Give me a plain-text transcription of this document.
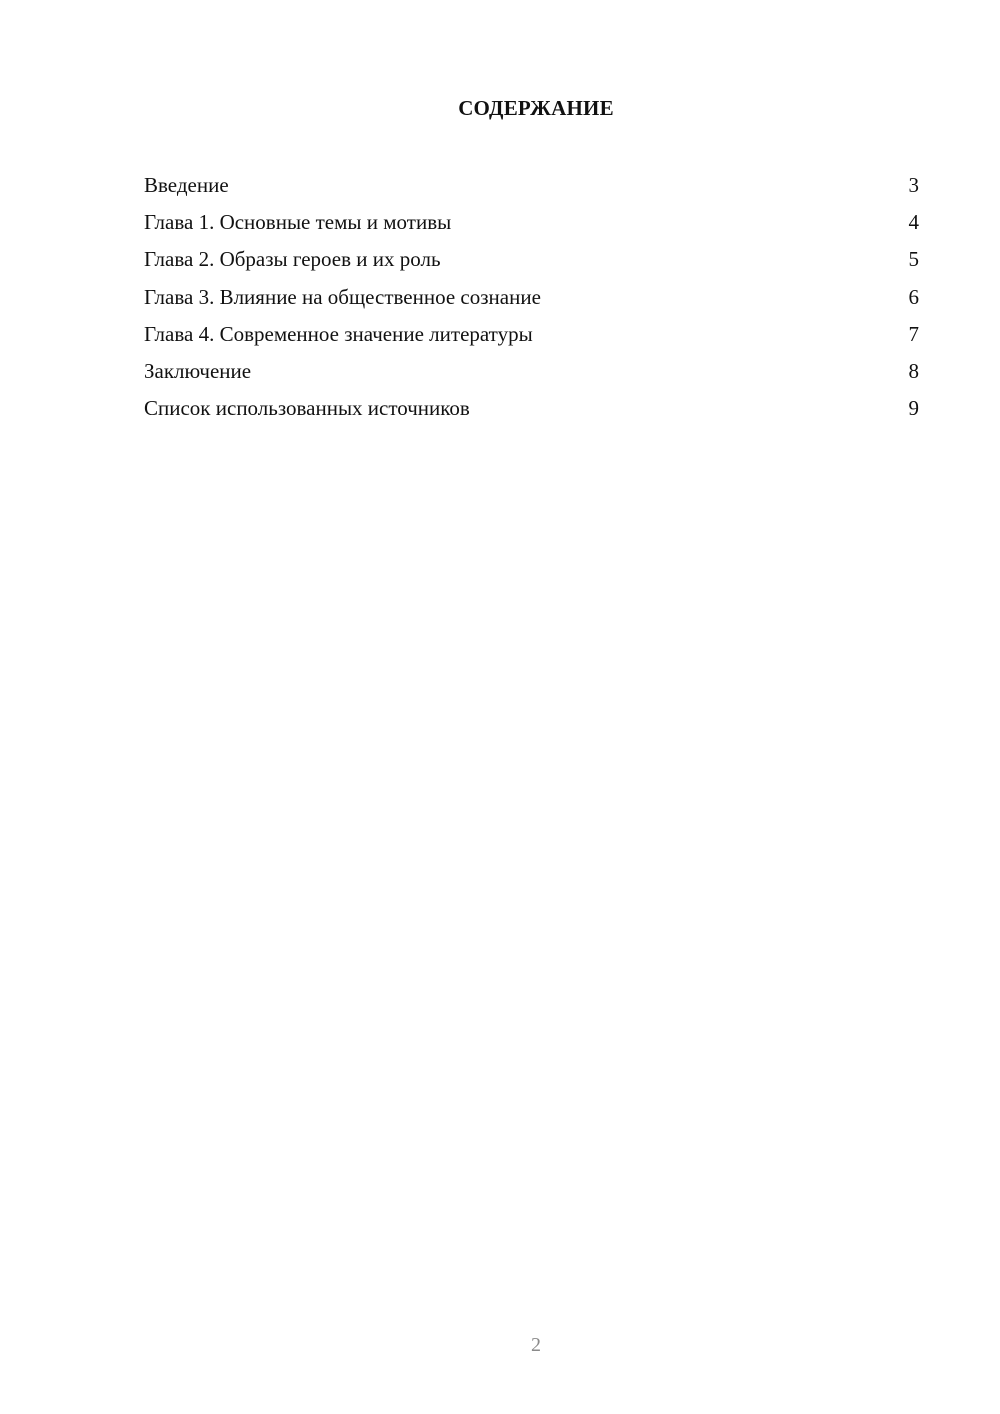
СОДЕРЖАНИЕ
Введение	3
Глава 1. Основные темы и мотивы	4
Глава 2. Образы героев и их роль	5
Глава 3. Влияние на общественное сознание	6
Глава 4. Современное значение литературы	7
Заключение	8
Список использованных источников	9
2
